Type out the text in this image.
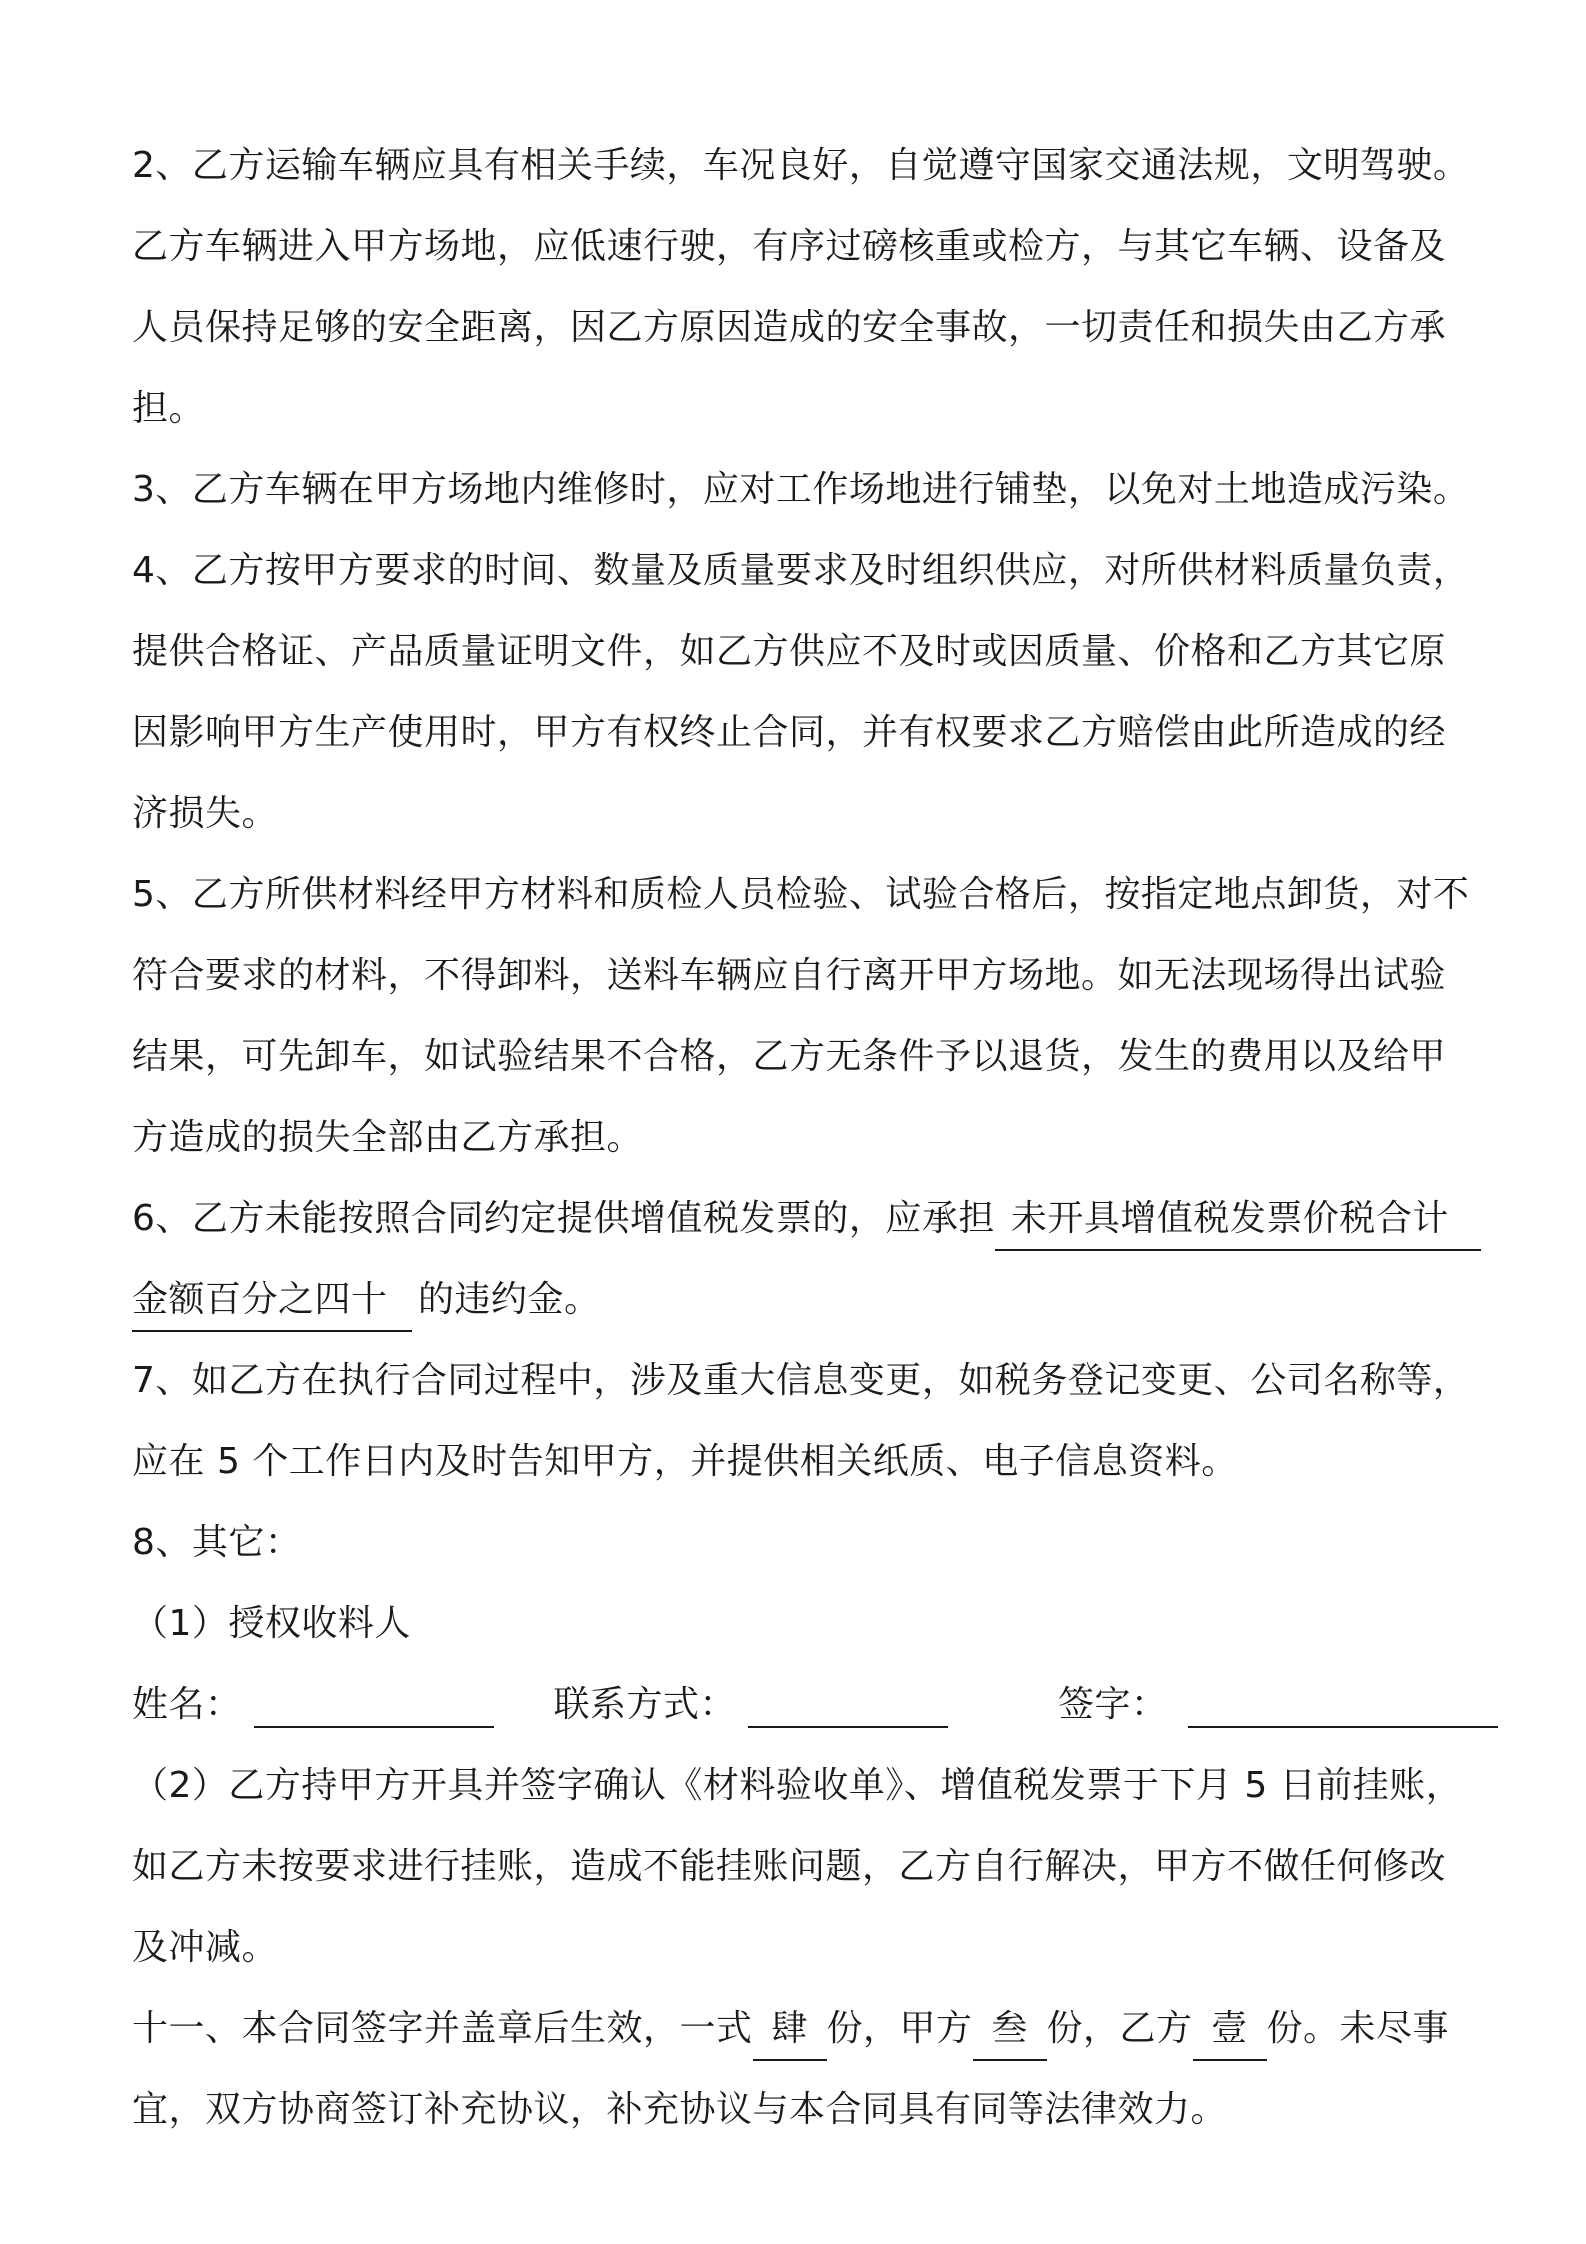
2、乙方运输车辆应具有相关手续，车况良好，自觉遵守国家交通法规，文明驾驶。
乙方车辆进入甲方场地，应低速行驶，有序过磅核重或检方，与其它车辆、设备及
人员保持足够的安全距离，因乙方原因造成的安全事故，一切责任和损失由乙方承
担。
3、乙方车辆在甲方场地内维修时，应对工作场地进行铺垫，以免对土地造成污染。
4、乙方按甲方要求的时间、数量及质量要求及时组织供应，对所供材料质量负责，
提供合格证、产品质量证明文件，如乙方供应不及时或因质量、价格和乙方其它原
因影响甲方生产使用时，甲方有权终止合同，并有权要求乙方赔偿由此所造成的经
济损失。
5、乙方所供材料经甲方材料和质检人员检验、试验合格后，按指定地点卸货，对不
符合要求的材料，不得卸料，送料车辆应自行离开甲方场地。如无法现场得出试验
结果，可先卸车，如试验结果不合格，乙方无条件予以退货，发生的费用以及给甲
方造成的损失全部由乙方承担。
6、乙方未能按照合同约定提供增值税发票的，应承担 未开具增值税发票价税合计
金额百分之四十 的违约金。
7、如乙方在执行合同过程中，涉及重大信息变更，如税务登记变更、公司名称等，
应在 5 个工作日内及时告知甲方，并提供相关纸质、电子信息资料。
8、其它：
（1）授权收料人
姓名：	联系方式：	签字：
（2）乙方持甲方开具并签字确认《材料验收单》、增值税发票于下月 5 日前挂账，
如乙方未按要求进行挂账，造成不能挂账问题，乙方自行解决，甲方不做任何修改
及冲减。
十一、本合同签字并盖章后生效，一式 肆 份，甲方 叁 份，乙方 壹 份。未尽事
宜，双方协商签订补充协议，补充协议与本合同具有同等法律效力。
